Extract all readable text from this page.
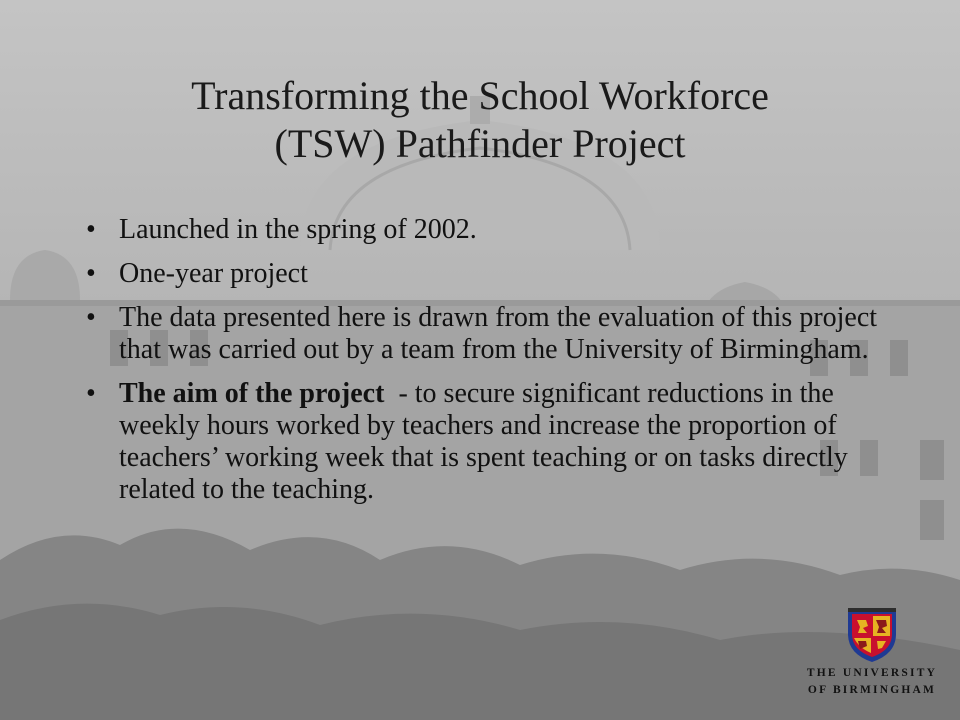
Transforming the School Workforce
(TSW) Pathfinder Project
• Launched in the spring of 2002.
• One-year project
• The data presented here is drawn from the evaluation of this project that was carried out by a team from the University of Birmingham.
• The aim of the project  - to secure significant reductions in the weekly hours worked by teachers and increase the proportion of teachers’ working week that is spent teaching or on tasks directly related to the teaching.
THE UNIVERSITY
OF BIRMINGHAM
